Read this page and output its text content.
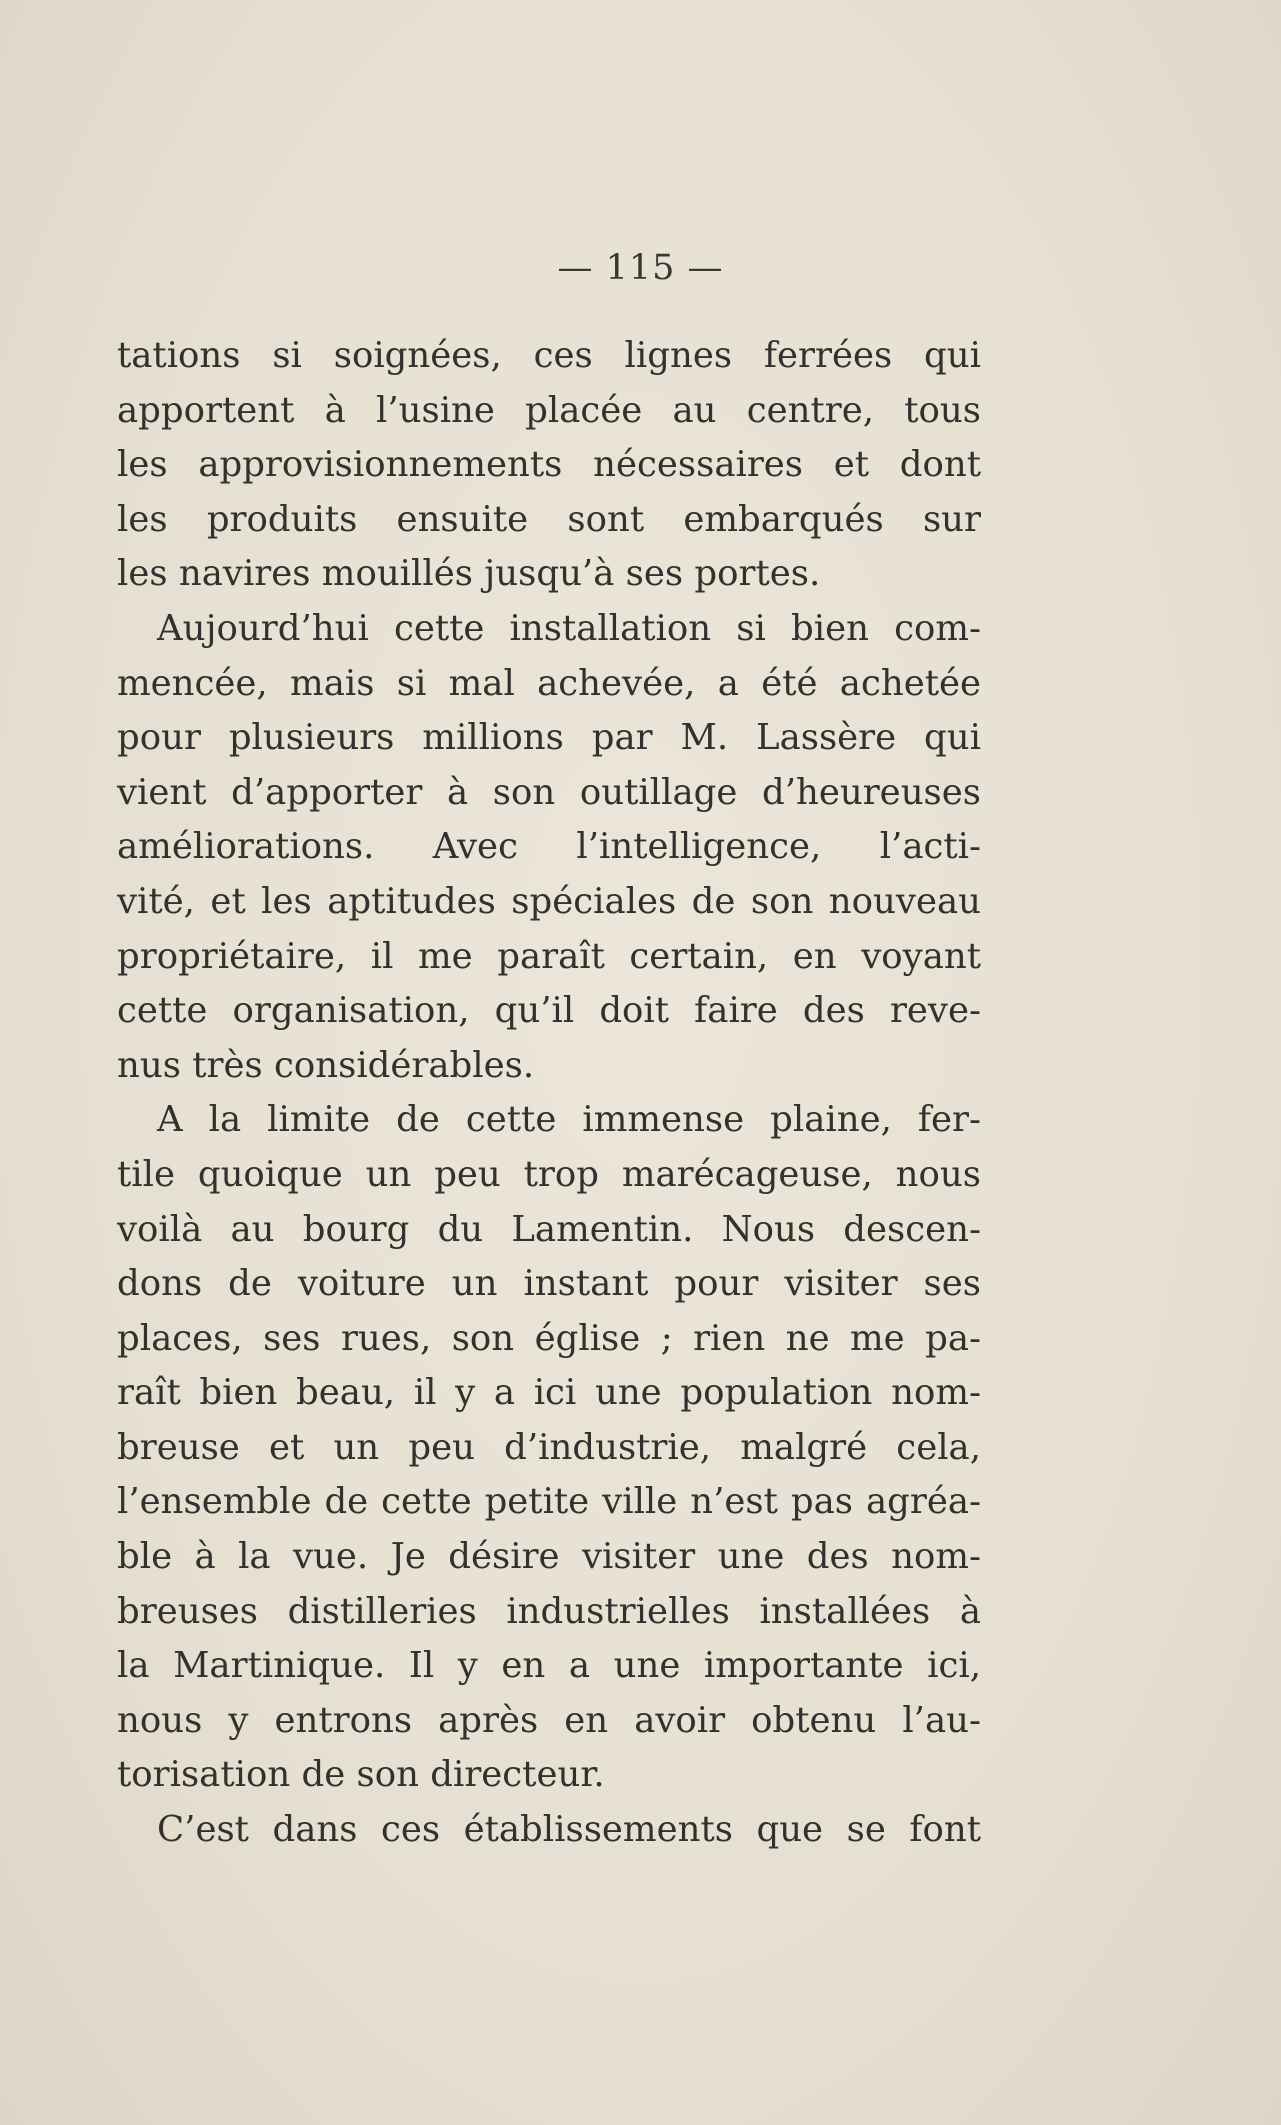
— 115 —
tations si soignées, ces lignes ferrées qui
apportent à l’usine placée au centre, tous
les approvisionnements nécessaires et dont
les produits ensuite sont embarqués sur
les navires mouillés jusqu’à ses portes.
Aujourd’hui cette installation si bien com-
mencée, mais si mal achevée, a été achetée
pour plusieurs millions par M. Lassère qui
vient d’apporter à son outillage d’heureuses
améliorations. Avec l’intelligence, l’acti-
vité, et les aptitudes spéciales de son nouveau
propriétaire, il me paraît certain, en voyant
cette organisation, qu’il doit faire des reve-
nus très considérables.
A la limite de cette immense plaine, fer-
tile quoique un peu trop marécageuse, nous
voilà au bourg du Lamentin. Nous descen-
dons de voiture un instant pour visiter ses
places, ses rues, son église ; rien ne me pa-
raît bien beau, il y a ici une population nom-
breuse et un peu d’industrie, malgré cela,
l’ensemble de cette petite ville n’est pas agréa-
ble à la vue. Je désire visiter une des nom-
breuses distilleries industrielles installées à
la Martinique. Il y en a une importante ici,
nous y entrons après en avoir obtenu l’au-
torisation de son directeur.
C’est dans ces établissements que se font
